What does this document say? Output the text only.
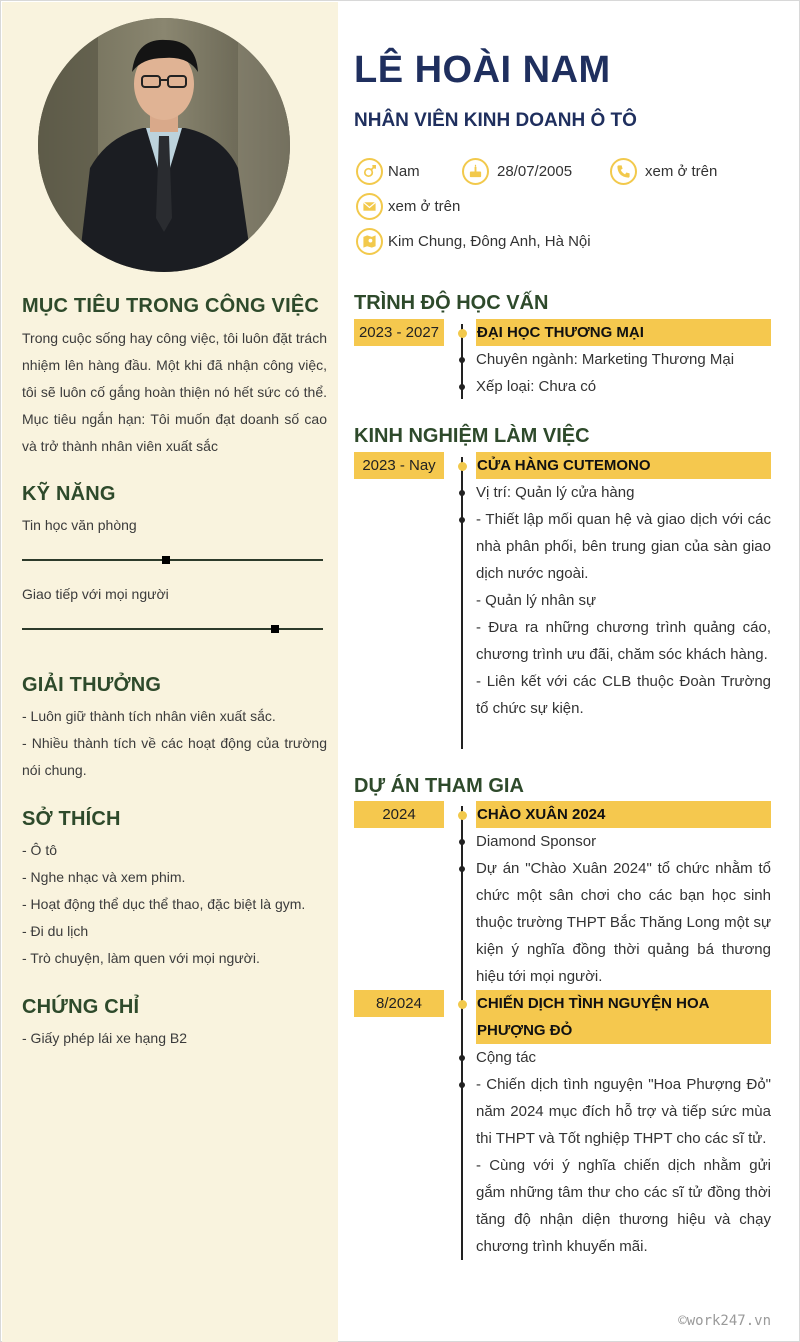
MỤC TIÊU TRONG CÔNG VIỆC
Trong cuộc sống hay công việc, tôi luôn đặt trách nhiệm lên hàng đầu. Một khi đã nhận công việc, tôi sẽ luôn cố gắng hoàn thiện nó hết sức có thể. Mục tiêu ngắn hạn: Tôi muốn đạt doanh số cao và trở thành nhân viên xuất sắc
KỸ NĂNG
Tin học văn phòng
Giao tiếp với mọi người
GIẢI THƯỞNG
- Luôn giữ thành tích nhân viên xuất sắc.
- Nhiều thành tích về các hoạt động của trường nói chung.
SỞ THÍCH
- Ô tô
- Nghe nhạc và xem phim.
- Hoạt động thể dục thể thao, đặc biệt là gym.
- Đi du lịch
- Trò chuyện, làm quen với mọi người.
CHỨNG CHỈ
- Giấy phép lái xe hạng B2
LÊ HOÀI NAM
NHÂN VIÊN KINH DOANH Ô TÔ
Nam	28/07/2005	xem ở trên
xem ở trên
Kim Chung, Đông Anh, Hà Nội
TRÌNH ĐỘ HỌC VẤN
2023 - 2027	ĐẠI HỌC THƯƠNG MẠI
Chuyên ngành: Marketing Thương Mại
Xếp loại: Chưa có
KINH NGHIỆM LÀM VIỆC
2023 - Nay	CỬA HÀNG CUTEMONO
Vị trí: Quản lý cửa hàng
- Thiết lập mối quan hệ và giao dịch với các nhà phân phối, bên trung gian của sàn giao dịch nước ngoài.
- Quản lý nhân sự
- Đưa ra những chương trình quảng cáo, chương trình ưu đãi, chăm sóc khách hàng.
- Liên kết với các CLB thuộc Đoàn Trường tổ chức sự kiện.
DỰ ÁN THAM GIA
2024	CHÀO XUÂN 2024
Diamond Sponsor
Dự án "Chào Xuân 2024" tổ chức nhằm tổ chức một sân chơi cho các bạn học sinh thuộc trường THPT Bắc Thăng Long một sự kiện ý nghĩa đồng thời quảng bá thương hiệu tới mọi người.
8/2024	CHIẾN DỊCH TÌNH NGUYỆN HOA PHƯỢNG ĐỎ
Cộng tác
- Chiến dịch tình nguyện "Hoa Phượng Đỏ" năm 2024 mục đích hỗ trợ và tiếp sức mùa thi THPT và Tốt nghiệp THPT cho các sĩ tử.
- Cùng với ý nghĩa chiến dịch nhằm gửi gắm những tâm thư cho các sĩ tử đồng thời tăng độ nhận diện thương hiệu và chạy chương trình khuyến mãi.
©work247.vn
